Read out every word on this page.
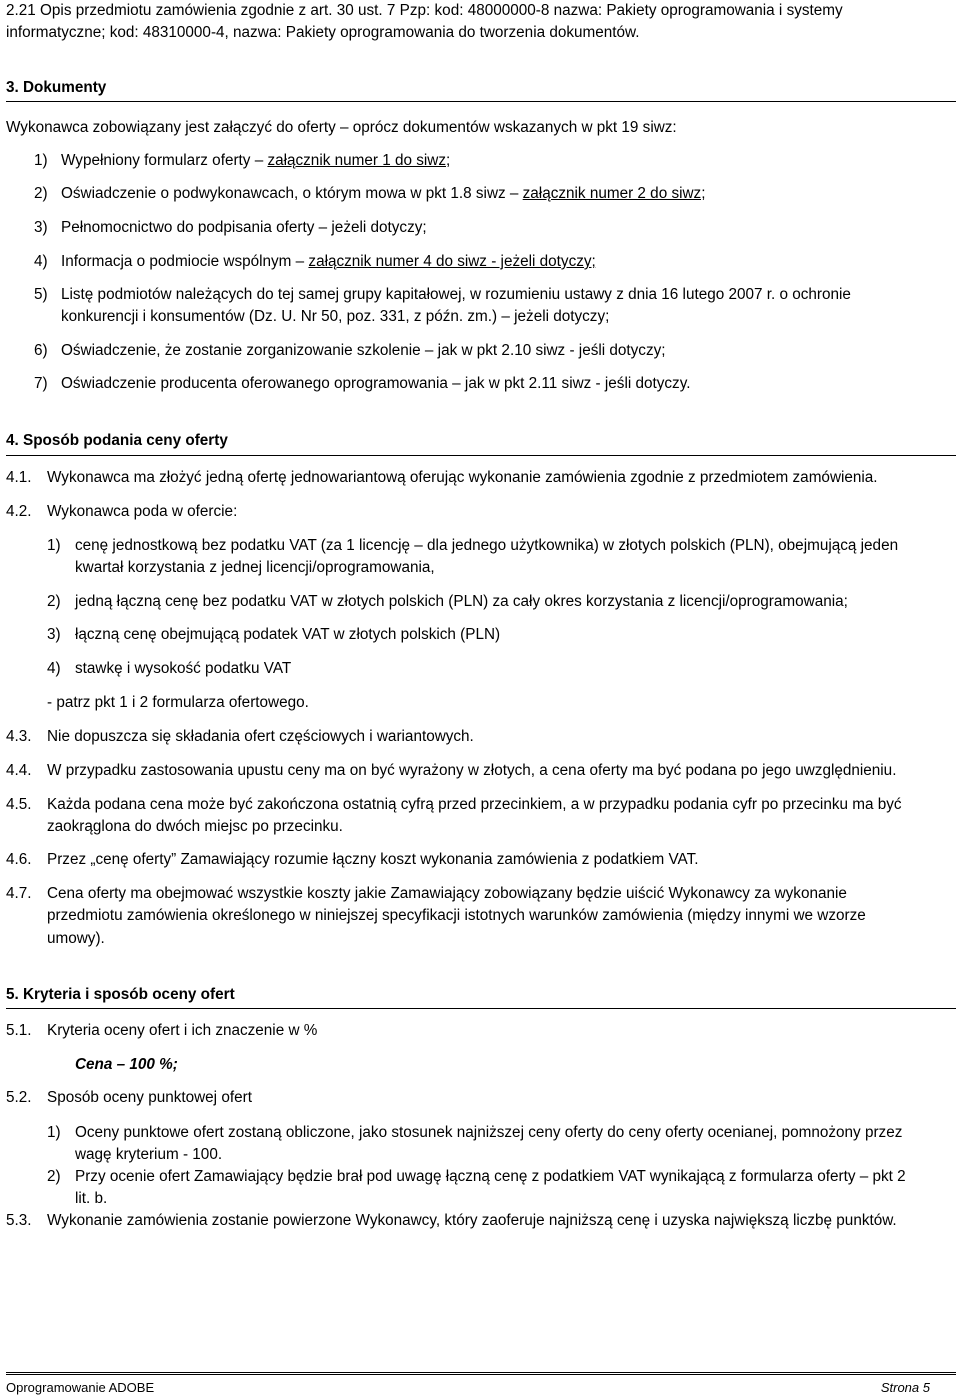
2.21 Opis przedmiotu zamówienia zgodnie z art. 30 ust. 7 Pzp: kod: 48000000-8 nazwa: Pakiety oprogramowania i systemy
informatyczne; kod: 48310000-4, nazwa: Pakiety oprogramowania do tworzenia dokumentów.
3. Dokumenty
Wykonawca zobowiązany jest załączyć do oferty – oprócz dokumentów wskazanych w pkt 19 siwz:
1) Wypełniony formularz oferty – załącznik numer 1 do siwz;
2) Oświadczenie o podwykonawcach, o którym mowa w pkt 1.8 siwz – załącznik numer 2 do siwz;
3) Pełnomocnictwo do podpisania oferty – jeżeli dotyczy;
4) Informacja o podmiocie wspólnym – załącznik numer 4 do siwz - jeżeli dotyczy;
5) Listę podmiotów należących do tej samej grupy kapitałowej, w rozumieniu ustawy z dnia 16 lutego 2007 r. o ochronie
konkurencji i konsumentów (Dz. U. Nr 50, poz. 331, z późn. zm.) – jeżeli dotyczy;
6) Oświadczenie, że zostanie zorganizowanie szkolenie – jak w pkt 2.10 siwz - jeśli dotyczy;
7) Oświadczenie producenta oferowanego oprogramowania – jak w pkt 2.11 siwz - jeśli dotyczy.
4. Sposób podania ceny oferty
4.1. Wykonawca ma złożyć jedną ofertę jednowariantową oferując wykonanie zamówienia zgodnie z przedmiotem zamówienia.
4.2. Wykonawca poda w ofercie:
1) cenę jednostkową bez podatku VAT (za 1 licencję – dla jednego użytkownika) w złotych polskich (PLN), obejmującą jeden
kwartał korzystania z jednej licencji/oprogramowania,
2) jedną łączną cenę bez podatku VAT w złotych polskich (PLN) za cały okres korzystania z licencji/oprogramowania;
3) łączną cenę obejmującą podatek VAT w złotych polskich (PLN)
4) stawkę i wysokość podatku VAT
- patrz pkt 1 i 2 formularza ofertowego.
4.3. Nie dopuszcza się składania ofert częściowych i wariantowych.
4.4. W przypadku zastosowania upustu ceny ma on być wyrażony w złotych, a cena oferty ma być podana po jego uwzględnieniu.
4.5. Każda podana cena może być zakończona ostatnią cyfrą przed przecinkiem, a w przypadku podania cyfr po przecinku ma być
zaokrąglona do dwóch miejsc po przecinku.
4.6. Przez „cenę oferty” Zamawiający rozumie łączny koszt wykonania zamówienia z podatkiem VAT.
4.7. Cena oferty ma obejmować wszystkie koszty jakie Zamawiający zobowiązany będzie uiścić Wykonawcy za wykonanie
przedmiotu zamówienia określonego w niniejszej specyfikacji istotnych warunków zamówienia (między innymi we wzorze
umowy).
5. Kryteria i sposób oceny ofert
5.1. Kryteria oceny ofert i ich znaczenie w %
Cena – 100 %;
5.2. Sposób oceny punktowej ofert
1) Oceny punktowe ofert zostaną obliczone, jako stosunek najniższej ceny oferty do ceny oferty ocenianej, pomnożony przez
wagę kryterium - 100.
2) Przy ocenie ofert Zamawiający będzie brał pod uwagę łączną cenę z podatkiem VAT wynikającą z formularza oferty – pkt 2
lit. b.
5.3. Wykonanie zamówienia zostanie powierzone Wykonawcy, który zaoferuje najniższą cenę i uzyska największą liczbę punktów.
Oprogramowanie ADOBE	Strona 5
